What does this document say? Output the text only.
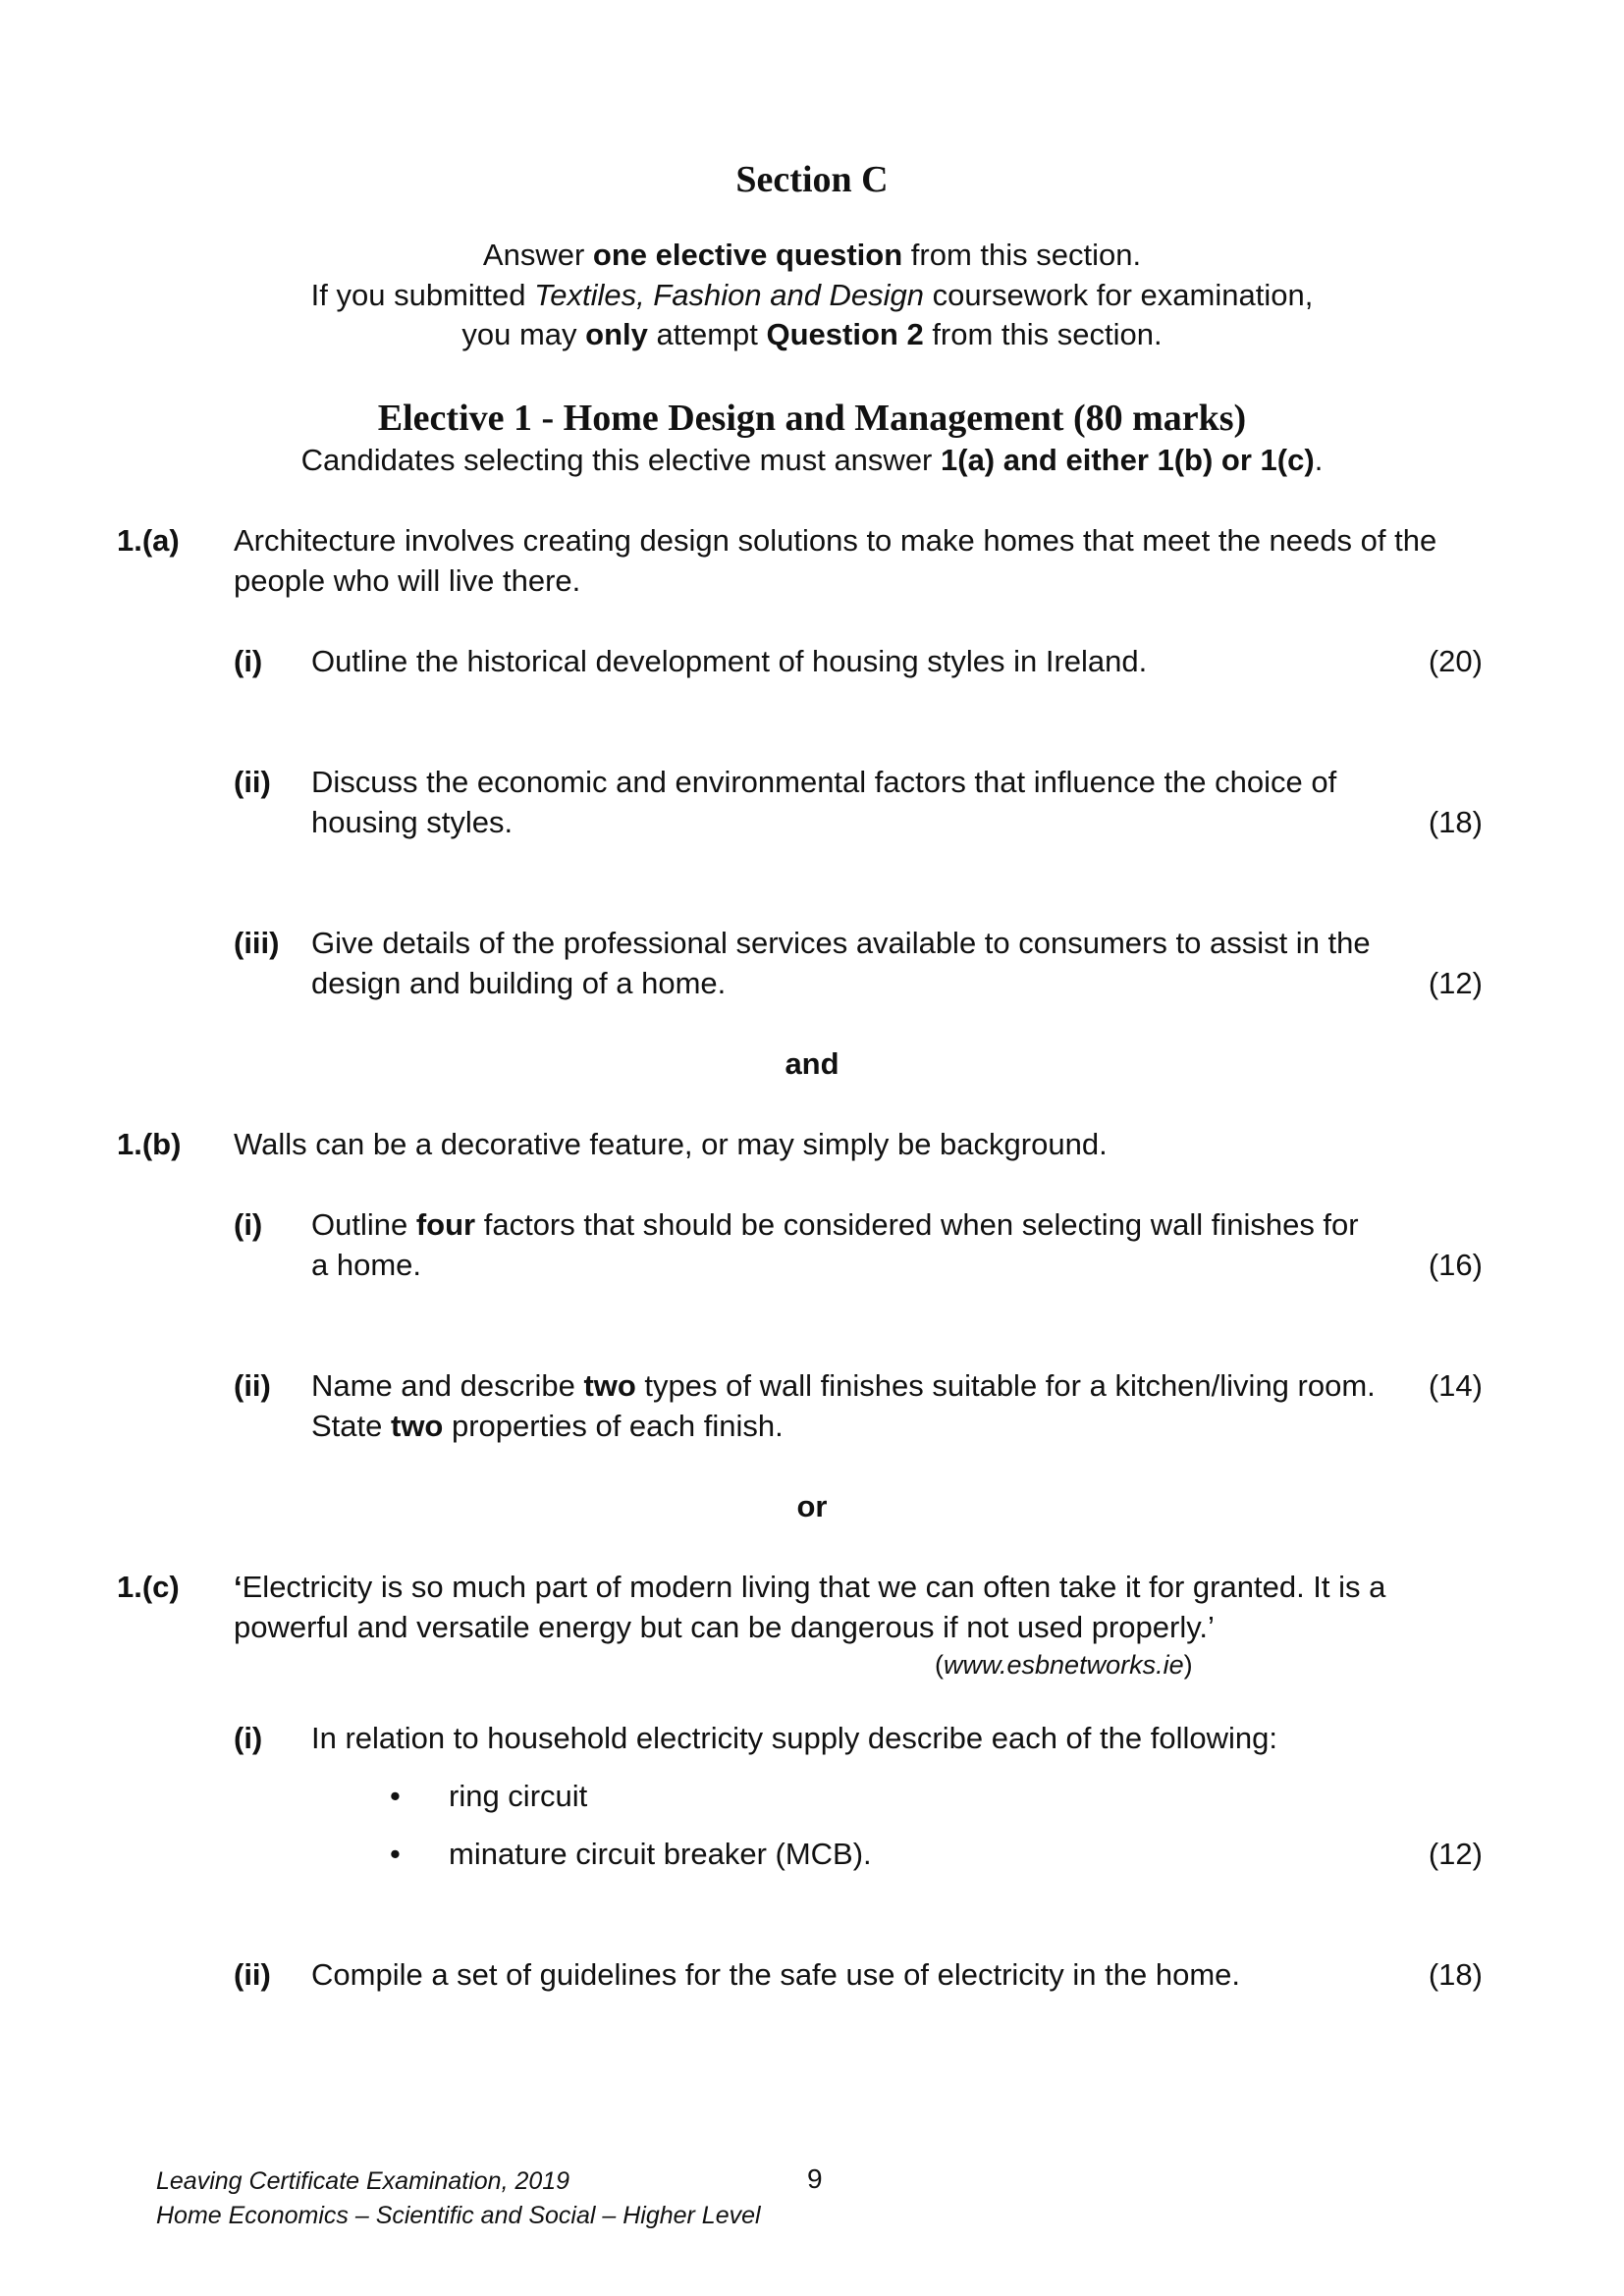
Section C
Answer one elective question from this section.
If you submitted Textiles, Fashion and Design coursework for examination,
you may only attempt Question 2 from this section.
Elective 1 - Home Design and Management (80 marks)
Candidates selecting this elective must answer 1(a) and either 1(b) or 1(c).
1.(a) Architecture involves creating design solutions to make homes that meet the needs of the
people who will live there.
(i) Outline the historical development of housing styles in Ireland.	(20)
(ii) Discuss the economic and environmental factors that influence the choice of
housing styles.	(18)
(iii) Give details of the professional services available to consumers to assist in the
design and building of a home.	(12)
and
1.(b) Walls can be a decorative feature, or may simply be background.
(i) Outline four factors that should be considered when selecting wall finishes for
a home.	(16)
(ii) Name and describe two types of wall finishes suitable for a kitchen/living room.
State two properties of each finish.
(14)
or
1.(c) ‘Electricity is so much part of modern living that we can often take it for granted. It is a
powerful and versatile energy but can be dangerous if not used properly.’
(www.esbnetworks.ie)
(i) In relation to household electricity supply describe each of the following:
• ring circuit
• minature circuit breaker (MCB).	(12)
(ii) Compile a set of guidelines for the safe use of electricity in the home.	(18)
Leaving Certificate Examination, 2019
Home Economics – Scientific and Social – Higher Level
9
